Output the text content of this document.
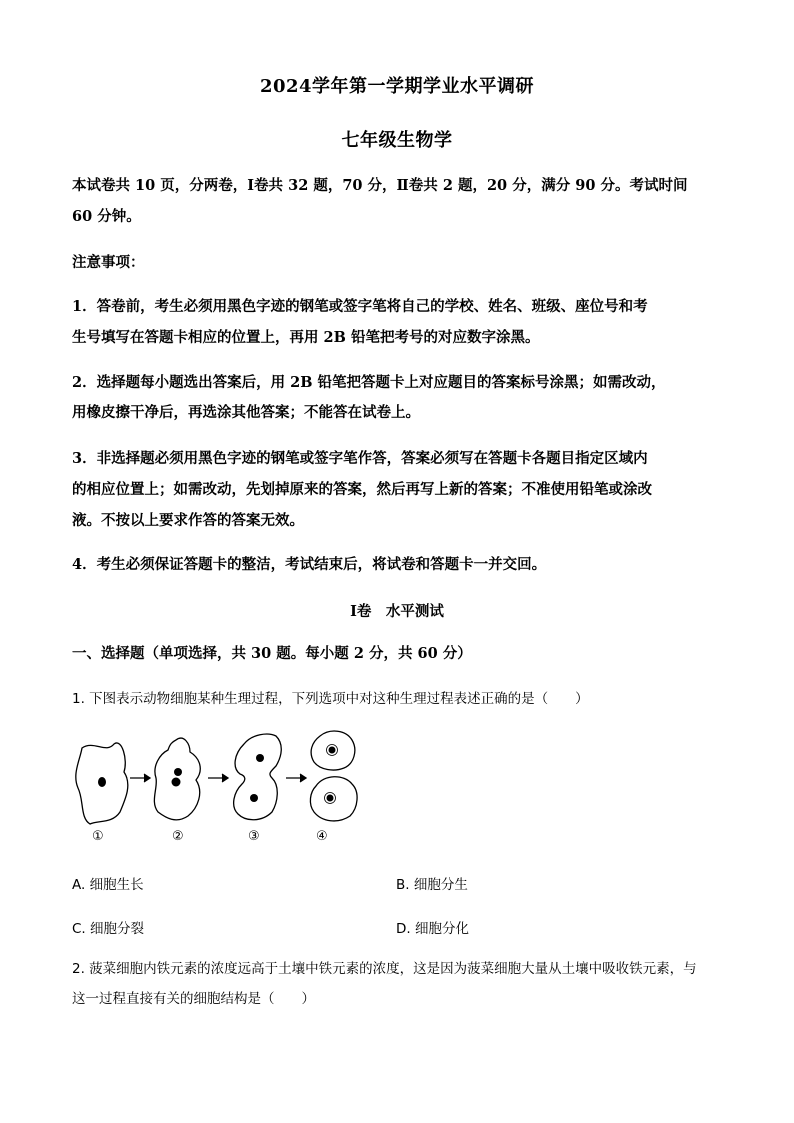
2024学年第一学期学业水平调研
七年级生物学
本试卷共 10 页，分两卷，Ⅰ卷共 32 题，70 分，Ⅱ卷共 2 题，20 分，满分 90 分。考试时间
60 分钟。
注意事项：
1．答卷前，考生必须用黑色字迹的钢笔或签字笔将自己的学校、姓名、班级、座位号和考
生号填写在答题卡相应的位置上，再用 2B 铅笔把考号的对应数字涂黑。
2．选择题每小题选出答案后，用 2B 铅笔把答题卡上对应题目的答案标号涂黑；如需改动，
用橡皮擦干净后，再选涂其他答案；不能答在试卷上。
3．非选择题必须用黑色字迹的钢笔或签字笔作答，答案必须写在答题卡各题目指定区域内
的相应位置上；如需改动，先划掉原来的答案，然后再写上新的答案；不准使用铅笔或涂改
液。不按以上要求作答的答案无效。
4．考生必须保证答题卡的整洁，考试结束后，将试卷和答题卡一并交回。
Ⅰ卷　水平测试
一、选择题（单项选择，共 30 题。每小题 2 分，共 60 分）
1. 下图表示动物细胞某种生理过程，下列选项中对这种生理过程表述正确的是（　　）
①	②	③	④
A. 细胞生长	B. 细胞分生
C. 细胞分裂	D. 细胞分化
2. 菠菜细胞内铁元素的浓度远高于土壤中铁元素的浓度，这是因为菠菜细胞大量从土壤中吸收铁元素，与
这一过程直接有关的细胞结构是（　　）
